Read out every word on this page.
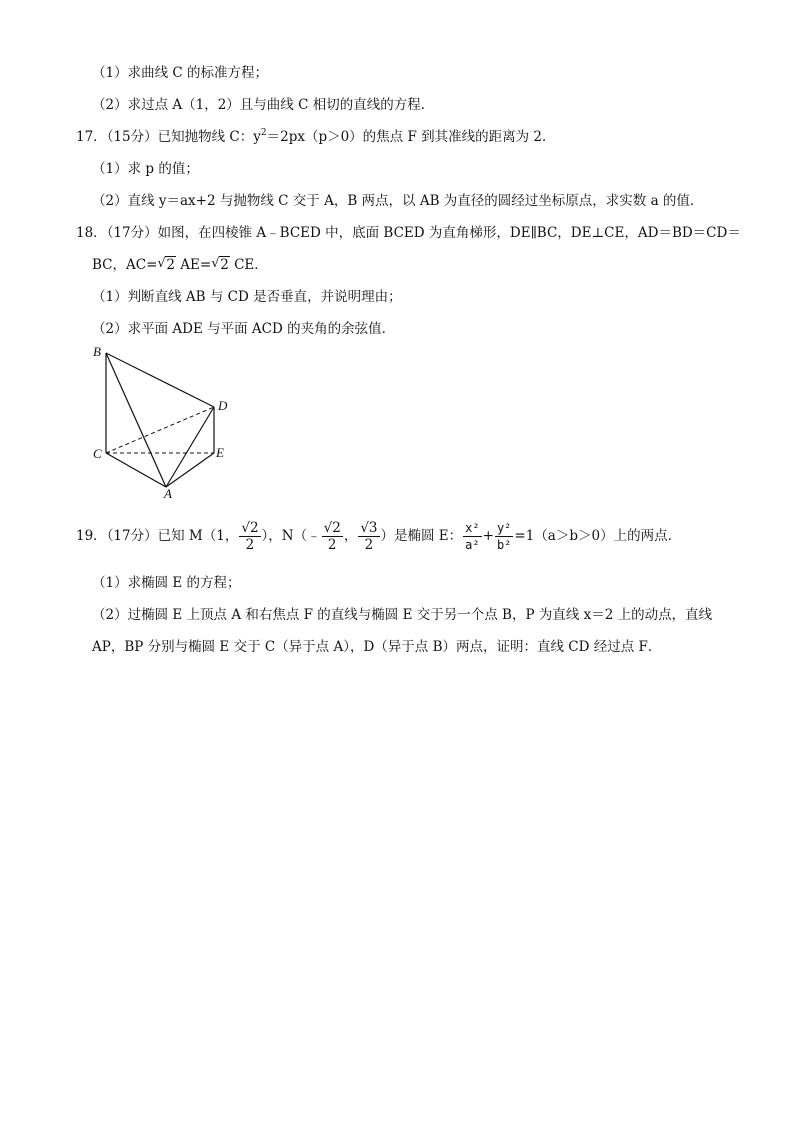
（1）求曲线 C 的标准方程；
（2）求过点 A（1，2）且与曲线 C 相切的直线的方程．
17．（15分）已知抛物线 C：$y^2=2px(p>0)$的焦点 F 到其准线的距离为 2．
（1）求 p 的值；
（2）直线 y＝ax+2 与抛物线 C 交于 A，B 两点，以 AB 为直径的圆经过坐标原点，求实数 a 的值．
18．（17分）如图，在四棱锥 A﹣BCED 中，底面 BCED 为直角梯形，DE∥BC，DE⊥CE，AD＝BD＝CD＝
BC，AC= √ 2 AE= √ 2 CE．
（1）判断直线 AB 与 CD 是否垂直，并说明理由；
（2）求平面 ADE 与平面 ACD 的夹角的余弦值．
B
C
D
E
A
19．（17分）已知 M（1， $\frac{√2}{2}$ ），N（﹣ $\frac{√2}{2}$ ， $\frac{√3}{2}$ ）是椭圆 E： $\frac{\text{x²}}{\text{a²}} + \frac{\text{y²}}{\text{b²}} =1(a>b>0)$上的两点．
（1）求椭圆 E 的方程；
（2）过椭圆 E 上顶点 A 和右焦点 F 的直线与椭圆 E 交于另一个点 B，P 为直线 x＝2 上的动点，直线
AP，BP 分别与椭圆 E 交于 C（异于点 A），D（异于点 B）两点，证明：直线 CD 经过点 F．
